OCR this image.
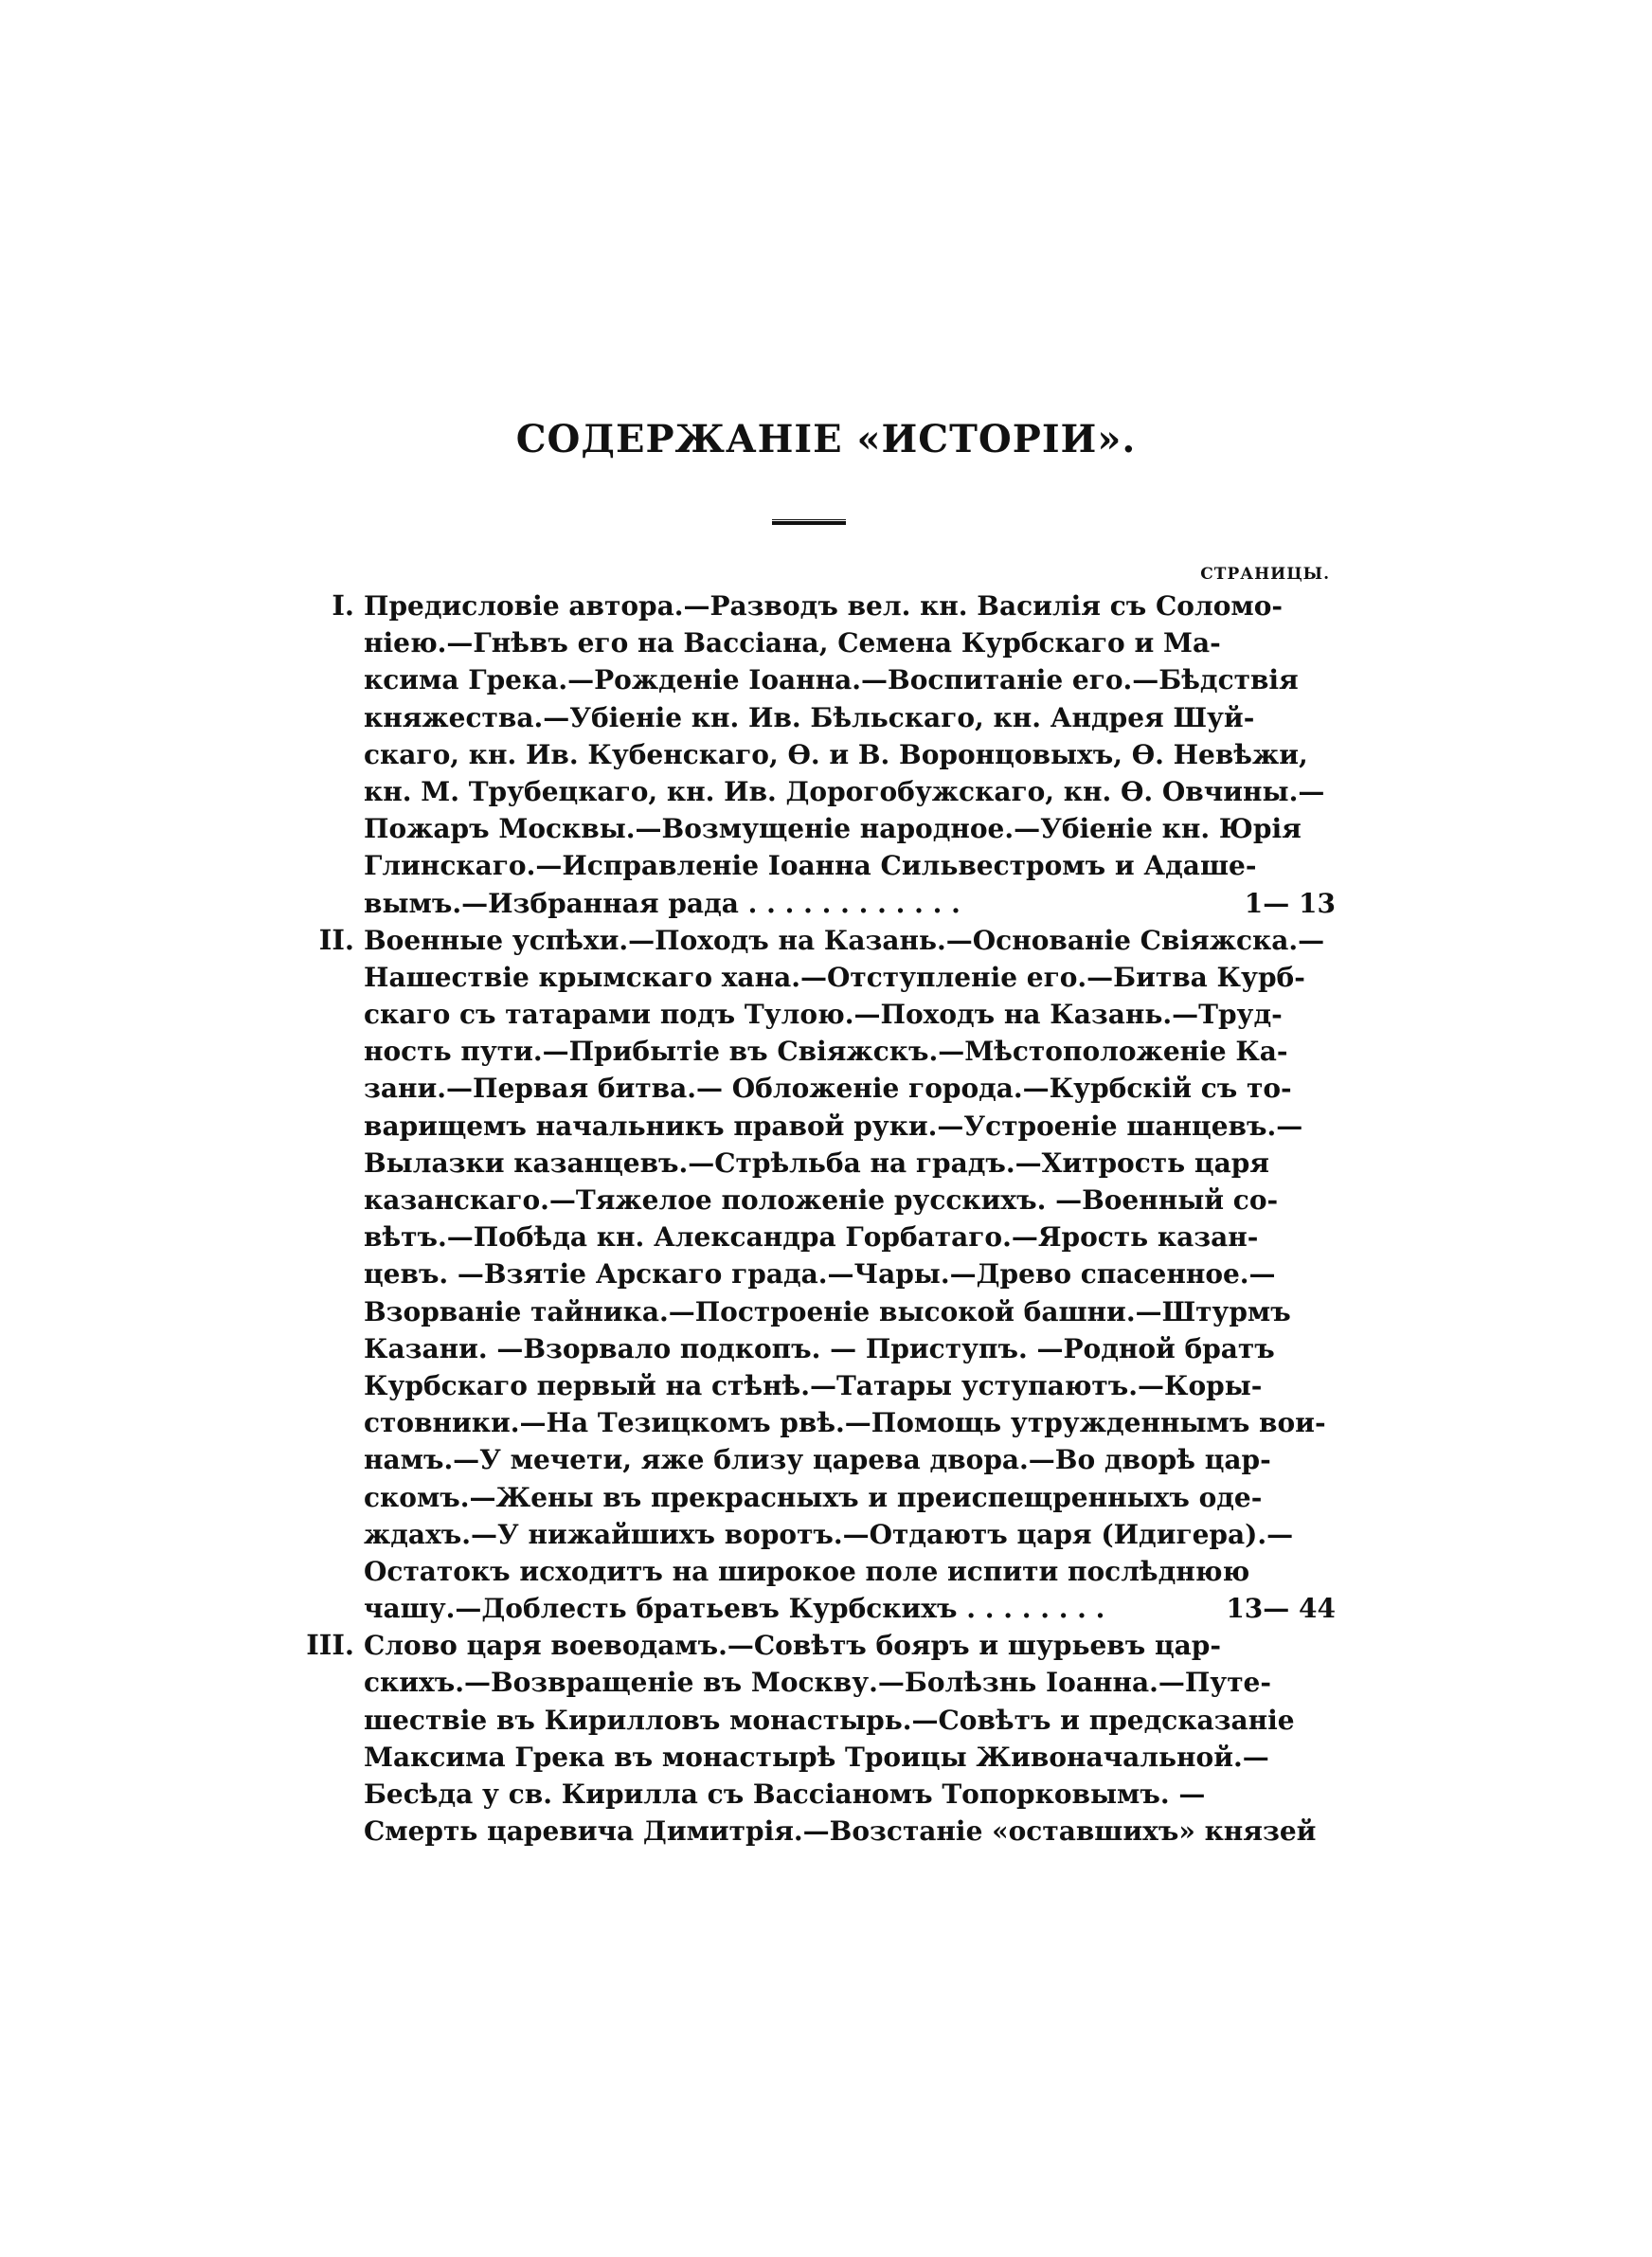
СОДЕРЖАНIЕ «ИСТОРIИ».
СТРАНИЦЫ.
I. Предисловiе автора.—Разводъ вел. кн. Василiя съ Соломо-
нiею.—Гнѣвъ его на Вассiана, Семена Курбскаго и Ма-
ксима Грека.—Рожденiе Iоанна.—Воспитанiе его.—Бѣдствiя
княжества.—Убiенiе кн. Ив. Бѣльскаго, кн. Андрея Шуй-
скаго, кн. Ив. Кубенскаго, Ѳ. и В. Воронцовыхъ, Ѳ. Невѣжи,
кн. М. Трубецкаго, кн. Ив. Дорогобужскаго, кн. Ѳ. Овчины.—
Пожаръ Москвы.—Возмущенiе народное.—Убiенiе кн. Юрiя
Глинскаго.—Исправленiе Iоанна Сильвестромъ и Адаше-
вымъ.—Избранная рада . . . . . . . . . . . .	1— 13
II. Военные успѣхи.—Походъ на Казань.—Основанiе Свiяжска.—
Нашествiе крымскаго хана.—Отступленiе его.—Битва Курб-
скаго съ татарами подъ Тулою.—Походъ на Казань.—Труд-
ность пути.—Прибытiе въ Свiяжскъ.—Мѣстоположенiе Ка-
зани.—Первая битва.— Обложенiе города.—Курбскiй съ то-
варищемъ начальникъ правой руки.—Устроенiе шанцевъ.—
Вылазки казанцевъ.—Стрѣльба на градъ.—Хитрость царя
казанскаго.—Тяжелое положенiе русскихъ. —Военный со-
вѣтъ.—Побѣда кн. Александра Горбатаго.—Ярость казан-
цевъ. —Взятiе Арскаго града.—Чары.—Древо спасенное.—
Взорванiе тайника.—Построенiе высокой башни.—Штурмъ
Казани. —Взорвало подкопъ. — Приступъ. —Родной братъ
Курбскаго первый на стѣнѣ.—Татары уступаютъ.—Коры-
стовники.—На Тезицкомъ рвѣ.—Помощь утружденнымъ вои-
намъ.—У мечети, яже близу царева двора.—Во дворѣ цар-
скомъ.—Жены въ прекрасныхъ и преиспещренныхъ оде-
ждахъ.—У нижайшихъ воротъ.—Отдаютъ царя (Идигера).—
Остатокъ исходитъ на широкое поле испити послѣднюю
чашу.—Доблесть братьевъ Курбскихъ . . . . . . . .	13— 44
III. Слово царя воеводамъ.—Совѣтъ бояръ и шурьевъ цар-
скихъ.—Возвращенiе въ Москву.—Болѣзнь Iоанна.—Путе-
шествiе въ Кирилловъ монастырь.—Совѣтъ и предсказанiе
Максима Грека въ монастырѣ Троицы Живоначальной.—
Бесѣда у св. Кирилла съ Вассiаномъ Топорковымъ. —
Смерть царевича Димитрiя.—Возстанiе «оставшихъ» князей
